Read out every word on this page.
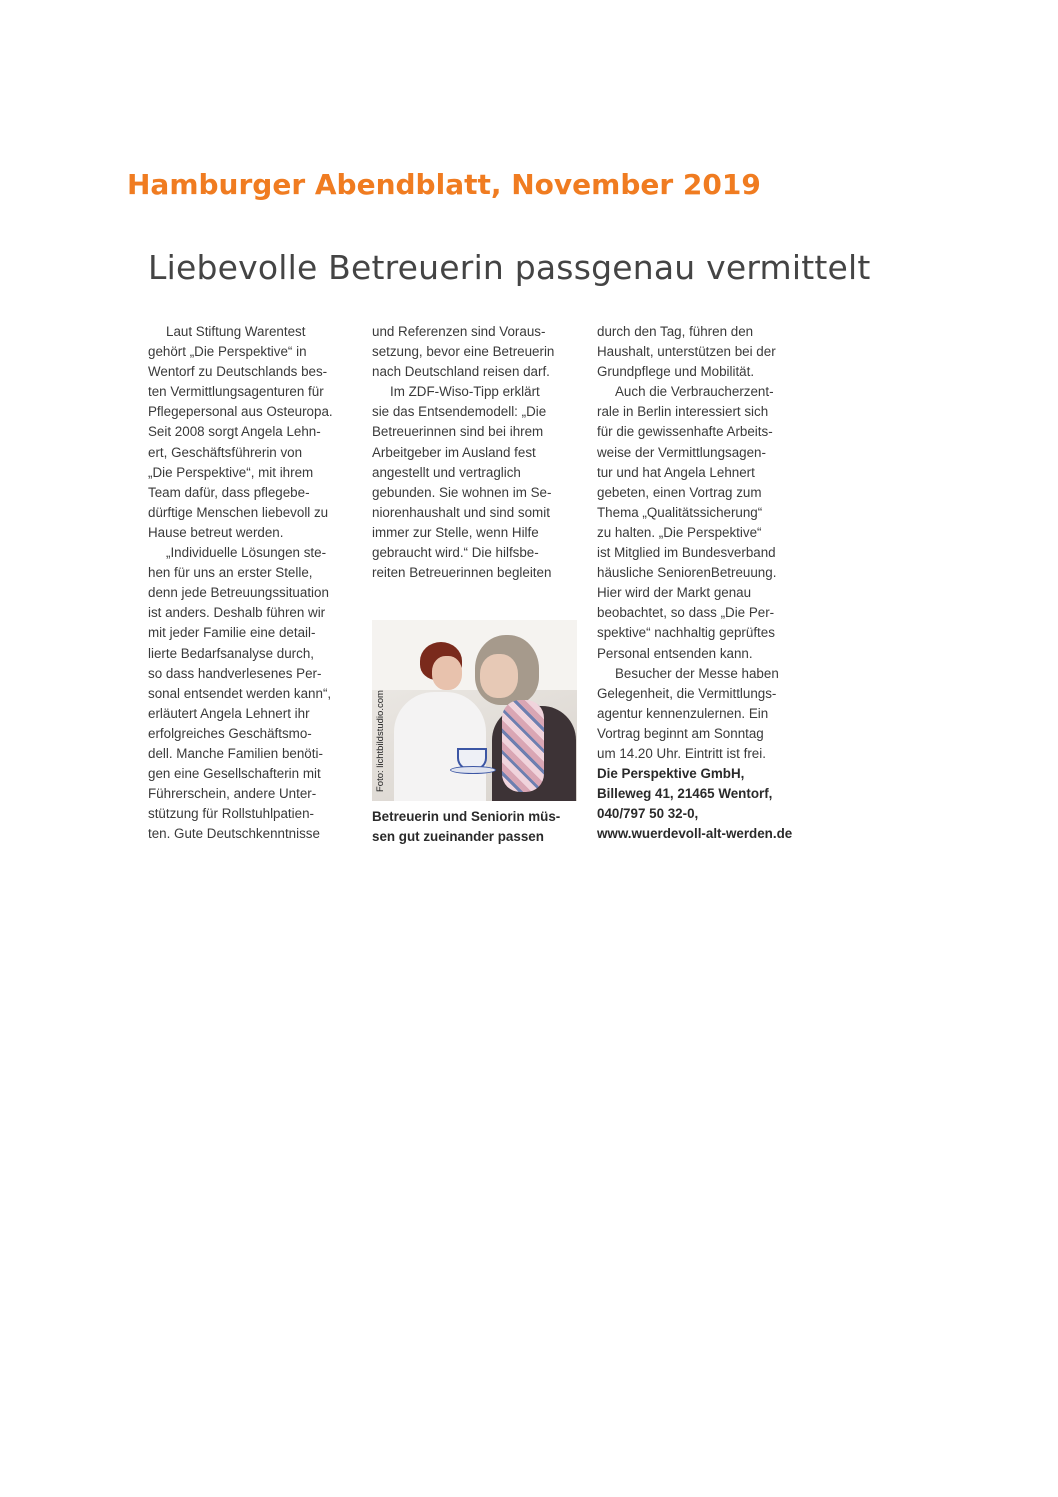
Hamburger Abendblatt, November 2019
Liebevolle Betreuerin passgenau vermittelt
Laut Stiftung Warentest
gehört „Die Perspektive“ in
Wentorf zu Deutschlands bes-
ten Vermittlungsagenturen für
Pflegepersonal aus Osteuropa.
Seit 2008 sorgt Angela Lehn-
ert, Geschäftsführerin von
„Die Perspektive“, mit ihrem
Team dafür, dass pflegebe-
dürftige Menschen liebevoll zu
Hause betreut werden.
„Individuelle Lösungen ste-
hen für uns an erster Stelle,
denn jede Betreuungssituation
ist anders. Deshalb führen wir
mit jeder Familie eine detail-
lierte Bedarfsanalyse durch,
so dass handverlesenes Per-
sonal entsendet werden kann“,
erläutert Angela Lehnert ihr
erfolgreiches Geschäftsmo-
dell. Manche Familien benöti-
gen eine Gesellschafterin mit
Führerschein, andere Unter-
stützung für Rollstuhlpatien-
ten. Gute Deutschkenntnisse
und Referenzen sind Voraus-
setzung, bevor eine Betreuerin
nach Deutschland reisen darf.
Im ZDF-Wiso-Tipp erklärt
sie das Entsendemodell: „Die
Betreuerinnen sind bei ihrem
Arbeitgeber im Ausland fest
angestellt und vertraglich
gebunden. Sie wohnen im Se-
niorenhaushalt und sind somit
immer zur Stelle, wenn Hilfe
gebraucht wird.“ Die hilfsbe-
reiten Betreuerinnen begleiten
Foto: lichtbildstudio.com
Betreuerin und Seniorin müs-
sen gut zueinander passen
durch den Tag, führen den
Haushalt, unterstützen bei der
Grundpflege und Mobilität.
Auch die Verbraucherzent-
rale in Berlin interessiert sich
für die gewissenhafte Arbeits-
weise der Vermittlungsagen-
tur und hat Angela Lehnert
gebeten, einen Vortrag zum
Thema „Qualitätssicherung“
zu halten. „Die Perspektive“
ist Mitglied im Bundesverband
häusliche SeniorenBetreuung.
Hier wird der Markt genau
beobachtet, so dass „Die Per-
spektive“ nachhaltig geprüftes
Personal entsenden kann.
Besucher der Messe haben
Gelegenheit, die Vermittlungs-
agentur kennenzulernen. Ein
Vortrag beginnt am Sonntag
um 14.20 Uhr. Eintritt ist frei.
Die Perspektive GmbH,
Billeweg 41, 21465 Wentorf,
040/797 50 32-0,
www.wuerdevoll-alt-werden.de
